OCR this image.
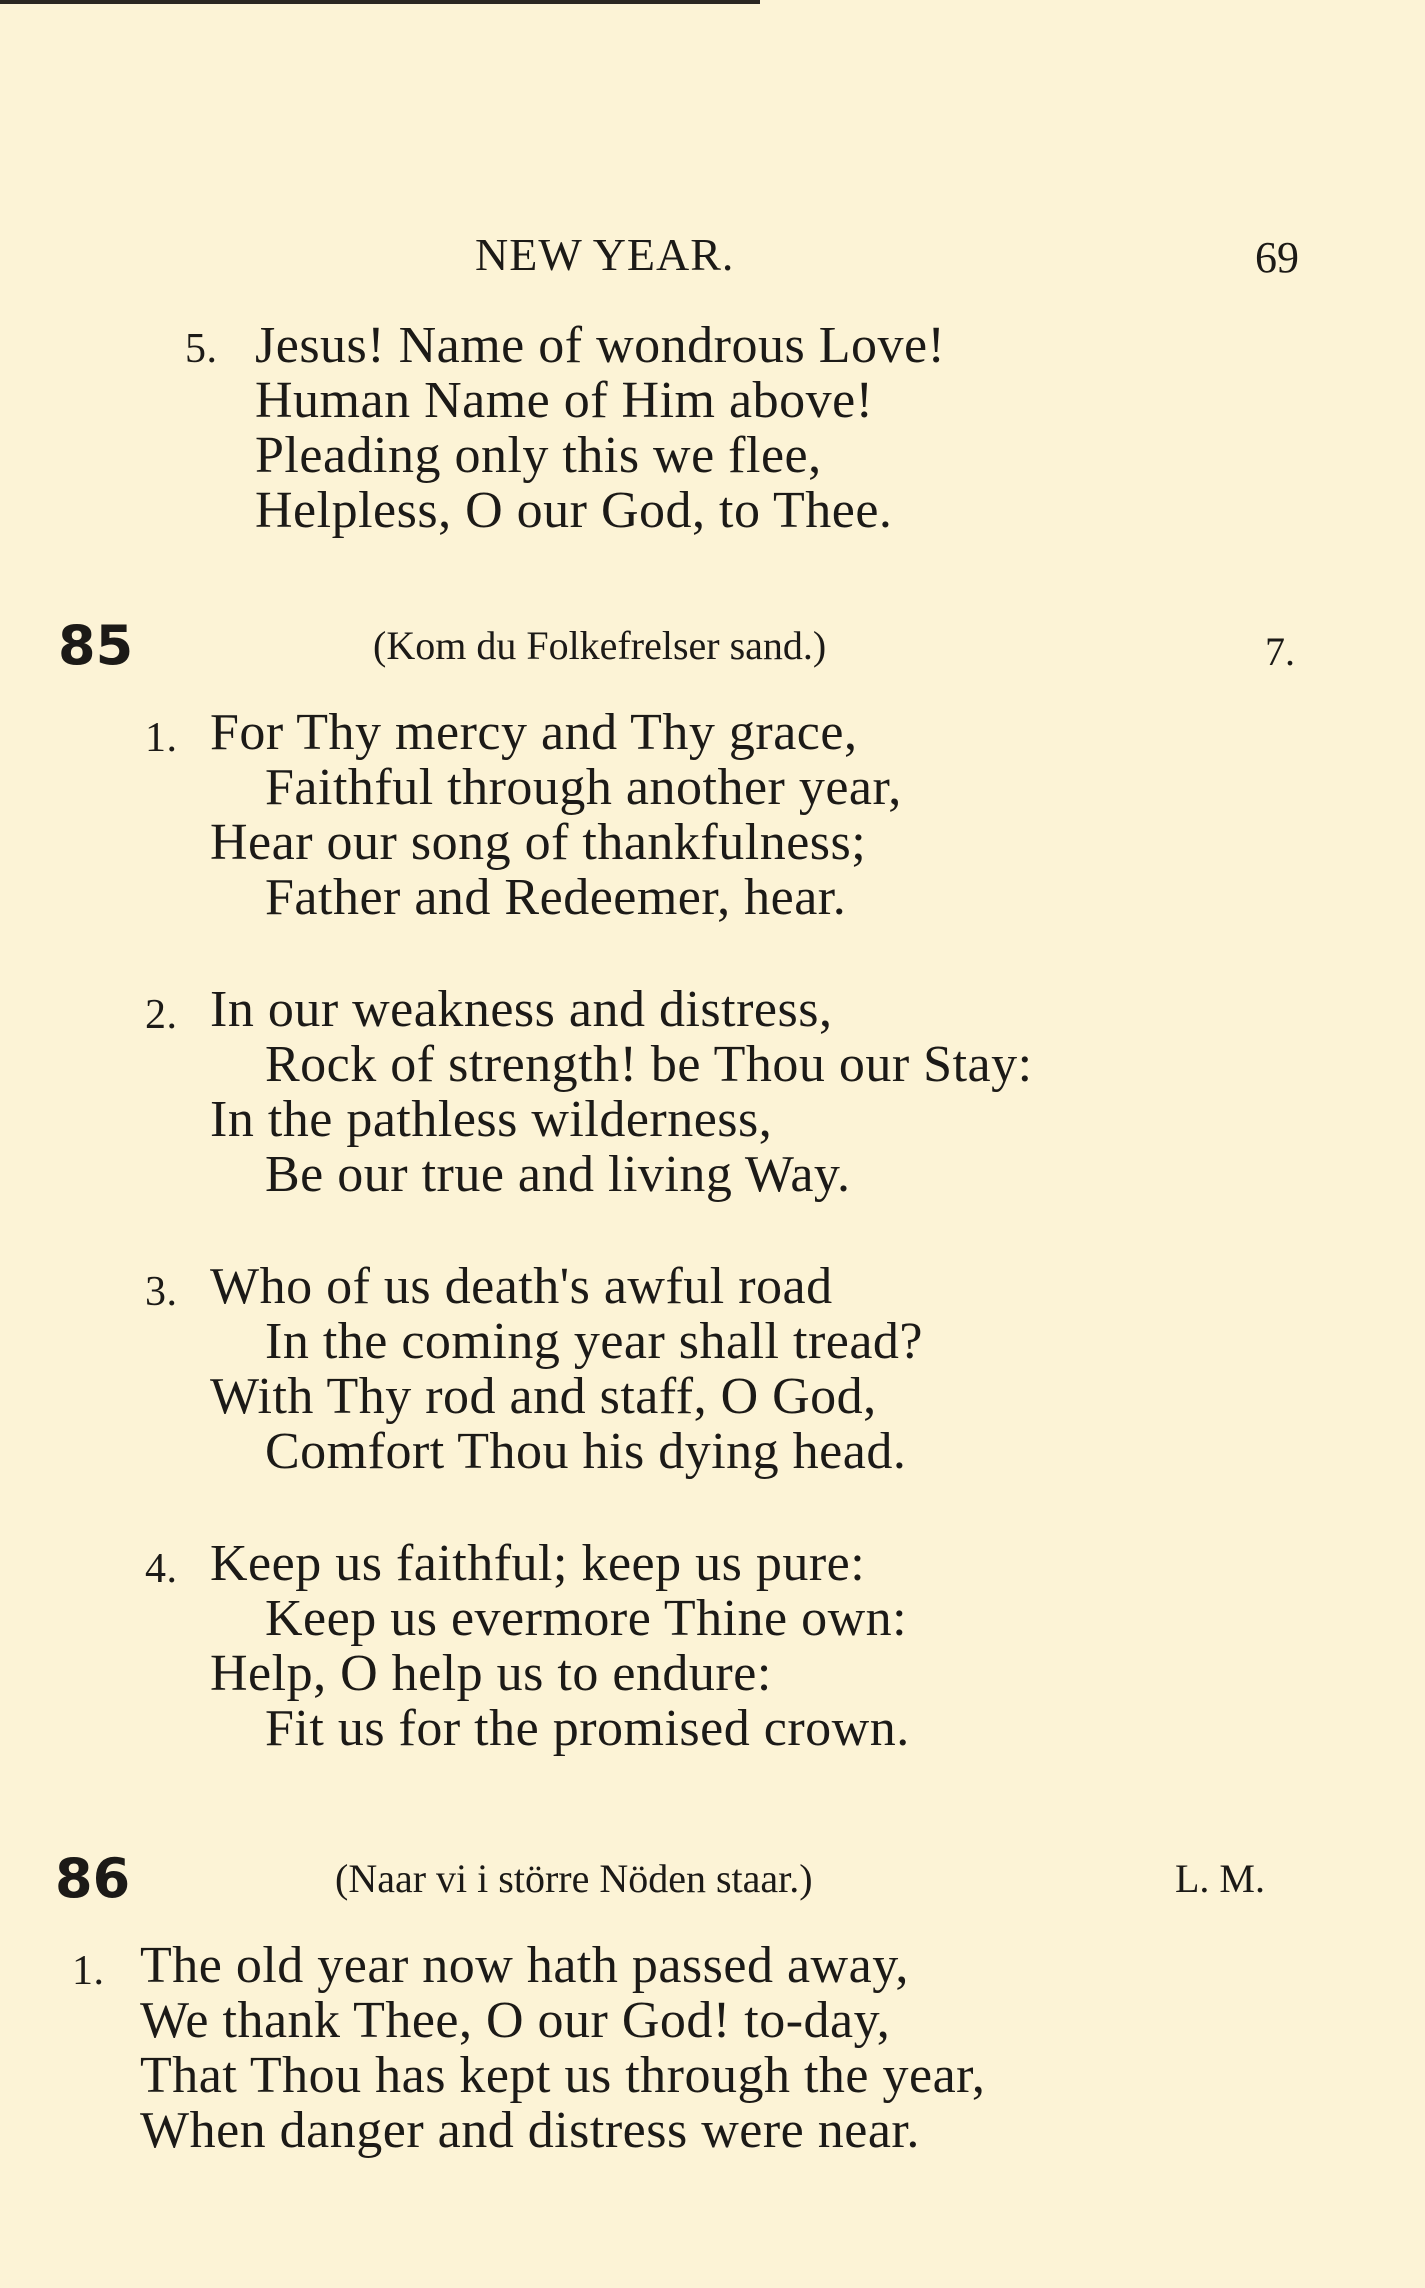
NEW YEAR.	69
5. Jesus! Name of wondrous Love!
Human Name of Him above!
Pleading only this we flee,
Helpless, O our God, to Thee.
85	(Kom du Folkefrelser sand.)	7.
1. For Thy mercy and Thy grace,
Faithful through another year,
Hear our song of thankfulness;
Father and Redeemer, hear.
2. In our weakness and distress,
Rock of strength! be Thou our Stay:
In the pathless wilderness,
Be our true and living Way.
3. Who of us death's awful road
In the coming year shall tread?
With Thy rod and staff, O God,
Comfort Thou his dying head.
4. Keep us faithful; keep us pure:
Keep us evermore Thine own:
Help, O help us to endure:
Fit us for the promised crown.
86	(Naar vi i större Nöden staar.)	L. M.
1. The old year now hath passed away,
We thank Thee, O our God! to-day,
That Thou has kept us through the year,
When danger and distress were near.
